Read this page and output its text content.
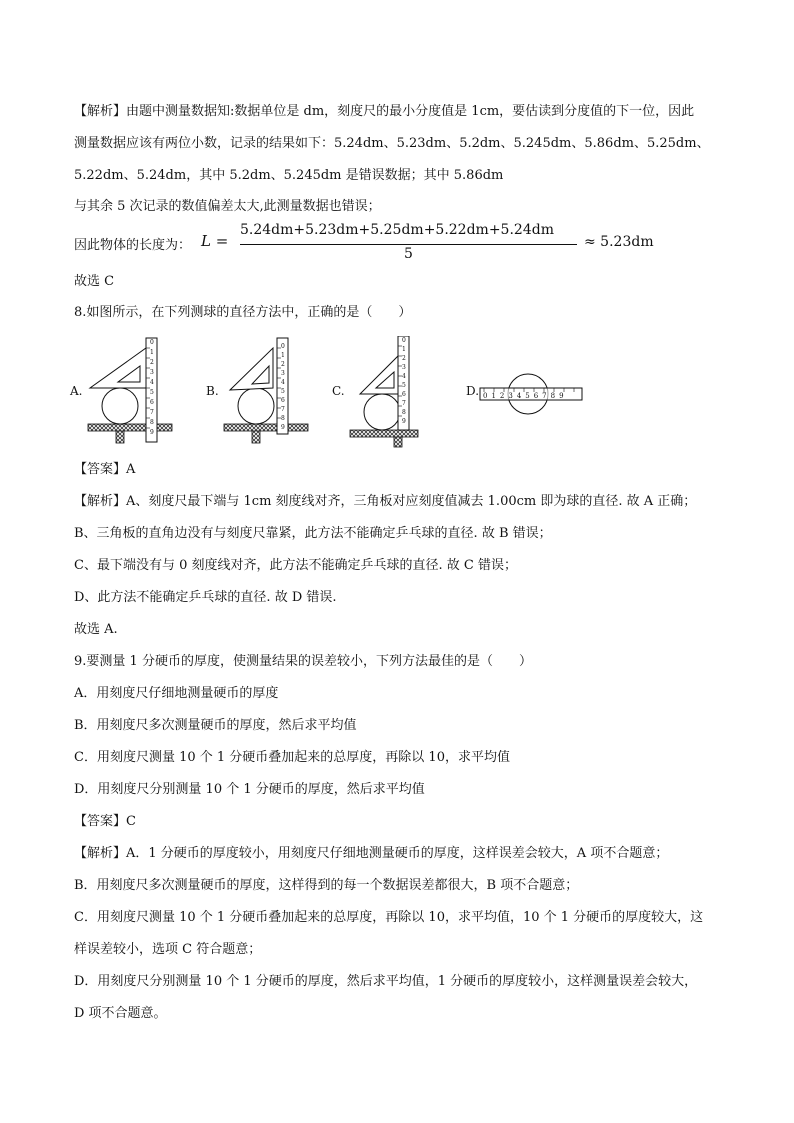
【解析】由题中测量数据知:数据单位是 dm，刻度尺的最小分度值是 1cm，要估读到分度值的下一位，因此
测量数据应该有两位小数，记录的结果如下：5.24dm、5.23dm、5.2dm、5.245dm、5.86dm、5.25dm、
5.22dm、5.24dm，其中 5.2dm、5.245dm 是错误数据；其中 5.86dm
与其余 5 次记录的数值偏差太大,此测量数据也错误；
因此物体的长度为： L =
5.24dm+5.23dm+5.25dm+5.22dm+5.24dm
5
≈ 5.23dm
故选 C
8.如图所示，在下列测球的直径方法中，正确的是（　　）
A.	B.	C.	D.
0123456789
0123456789
0123456789
0123456789
【答案】A
【解析】A、刻度尺最下端与 1cm 刻度线对齐，三角板对应刻度值减去 1.00cm 即为球的直径. 故 A 正确；
B、三角板的直角边没有与刻度尺靠紧，此方法不能确定乒乓球的直径. 故 B 错误；
C、最下端没有与 0 刻度线对齐，此方法不能确定乒乓球的直径. 故 C 错误；
D、此方法不能确定乒乓球的直径. 故 D 错误.
故选 A.
9.要测量 1 分硬币的厚度，使测量结果的误差较小，下列方法最佳的是（　　）
A．用刻度尺仔细地测量硬币的厚度
B．用刻度尺多次测量硬币的厚度，然后求平均值
C．用刻度尺测量 10 个 1 分硬币叠加起来的总厚度，再除以 10，求平均值
D．用刻度尺分别测量 10 个 1 分硬币的厚度，然后求平均值
【答案】C
【解析】A．1 分硬币的厚度较小，用刻度尺仔细地测量硬币的厚度，这样误差会较大，A 项不合题意；
B．用刻度尺多次测量硬币的厚度，这样得到的每一个数据误差都很大，B 项不合题意；
C．用刻度尺测量 10 个 1 分硬币叠加起来的总厚度，再除以 10，求平均值，10 个 1 分硬币的厚度较大，这
样误差较小，选项 C 符合题意；
D．用刻度尺分别测量 10 个 1 分硬币的厚度，然后求平均值，1 分硬币的厚度较小，这样测量误差会较大，
D 项不合题意。
